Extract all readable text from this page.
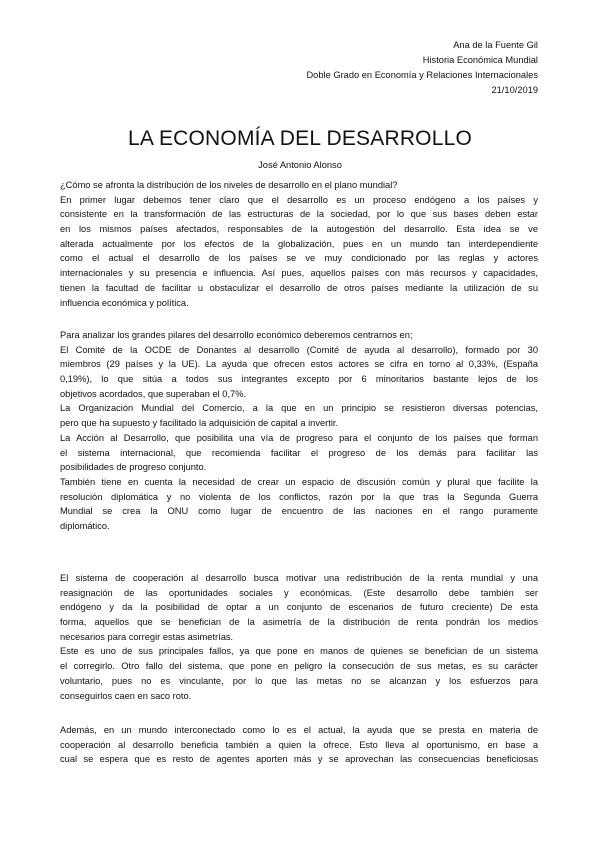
Ana de la Fuente Gil
Historia Económica Mundial
Doble Grado en Economía y Relaciones Internacionales
21/10/2019
LA ECONOMÍA DEL DESARROLLO
José Antonio Alonso
¿Cómo se afronta la distribución de los niveles de desarrollo en el plano mundial?
En primer lugar debemos tener claro que el desarrollo es un proceso endógeno a los países y
consistente en la transformación de las estructuras de la sociedad, por lo que sus bases deben estar
en los mismos países afectados, responsables de la autogestión del desarrollo. Esta idea se ve
alterada actualmente por los efectos de la globalización, pues en un mundo tan interdependiente
como el actual el desarrollo de los países se ve muy condicionado por las reglas y actores
internacionales y su presencia e influencia. Así pues, aquellos países con más recursos y capacidades,
tienen la facultad de facilitar u obstaculizar el desarrollo de otros países mediante la utilización de su
influencia económica y política.
Para analizar los grandes pilares del desarrollo económico deberemos centrarnos en;
El Comité de la OCDE de Donantes al desarrollo (Comité de ayuda al desarrollo), formado por 30
miembros (29 países y la UE). La ayuda que ofrecen estos actores se cifra en torno al 0,33%, (España
0,19%), lo que sitúa a todos sus integrantes excepto por 6 minoritarios bastante lejos de los
objetivos acordados, que superaban el 0,7%.
La Organización Mundial del Comercio, a la que en un principio se resistieron diversas potencias,
pero que ha supuesto y facilitado la adquisición de capital a invertir.
La Acción al Desarrollo, que posibilita una vía de progreso para el conjunto de los países que forman
el sistema internacional, que recomienda facilitar el progreso de los demás para facilitar las
posibilidades de progreso conjunto.
También tiene en cuenta la necesidad de crear un espacio de discusión común y plural que facilite la
resolución diplomática y no violenta de los conflictos, razón por la que tras la Segunda Guerra
Mundial se crea la ONU como lugar de encuentro de las naciones en el rango puramente
diplomático.
El sistema de cooperación al desarrollo busca motivar una redistribución de la renta mundial y una
reasignación de las oportunidades sociales y económicas. (Este desarrollo debe también ser
endógeno y da la posibilidad de optar a un conjunto de escenarios de futuro creciente) De esta
forma, aquellos que se benefician de la asimetría de la distribución de renta pondrán los medios
necesarios para corregir estas asimetrías.
Este es uno de sus principales fallos, ya que pone en manos de quienes se benefician de un sistema
el corregirlo. Otro fallo del sistema, que pone en peligro la consecución de sus metas, es su carácter
voluntario, pues no es vinculante, por lo que las metas no se alcanzan y los esfuerzos para
conseguirlos caen en saco roto.
Además, en un mundo interconectado como lo es el actual, la ayuda que se presta en materia de
cooperación al desarrollo beneficia también a quien la ofrece. Esto lleva al oportunismo, en base a
cual se espera que es resto de agentes aporten más y se aprovechan las consecuencias beneficiosas
